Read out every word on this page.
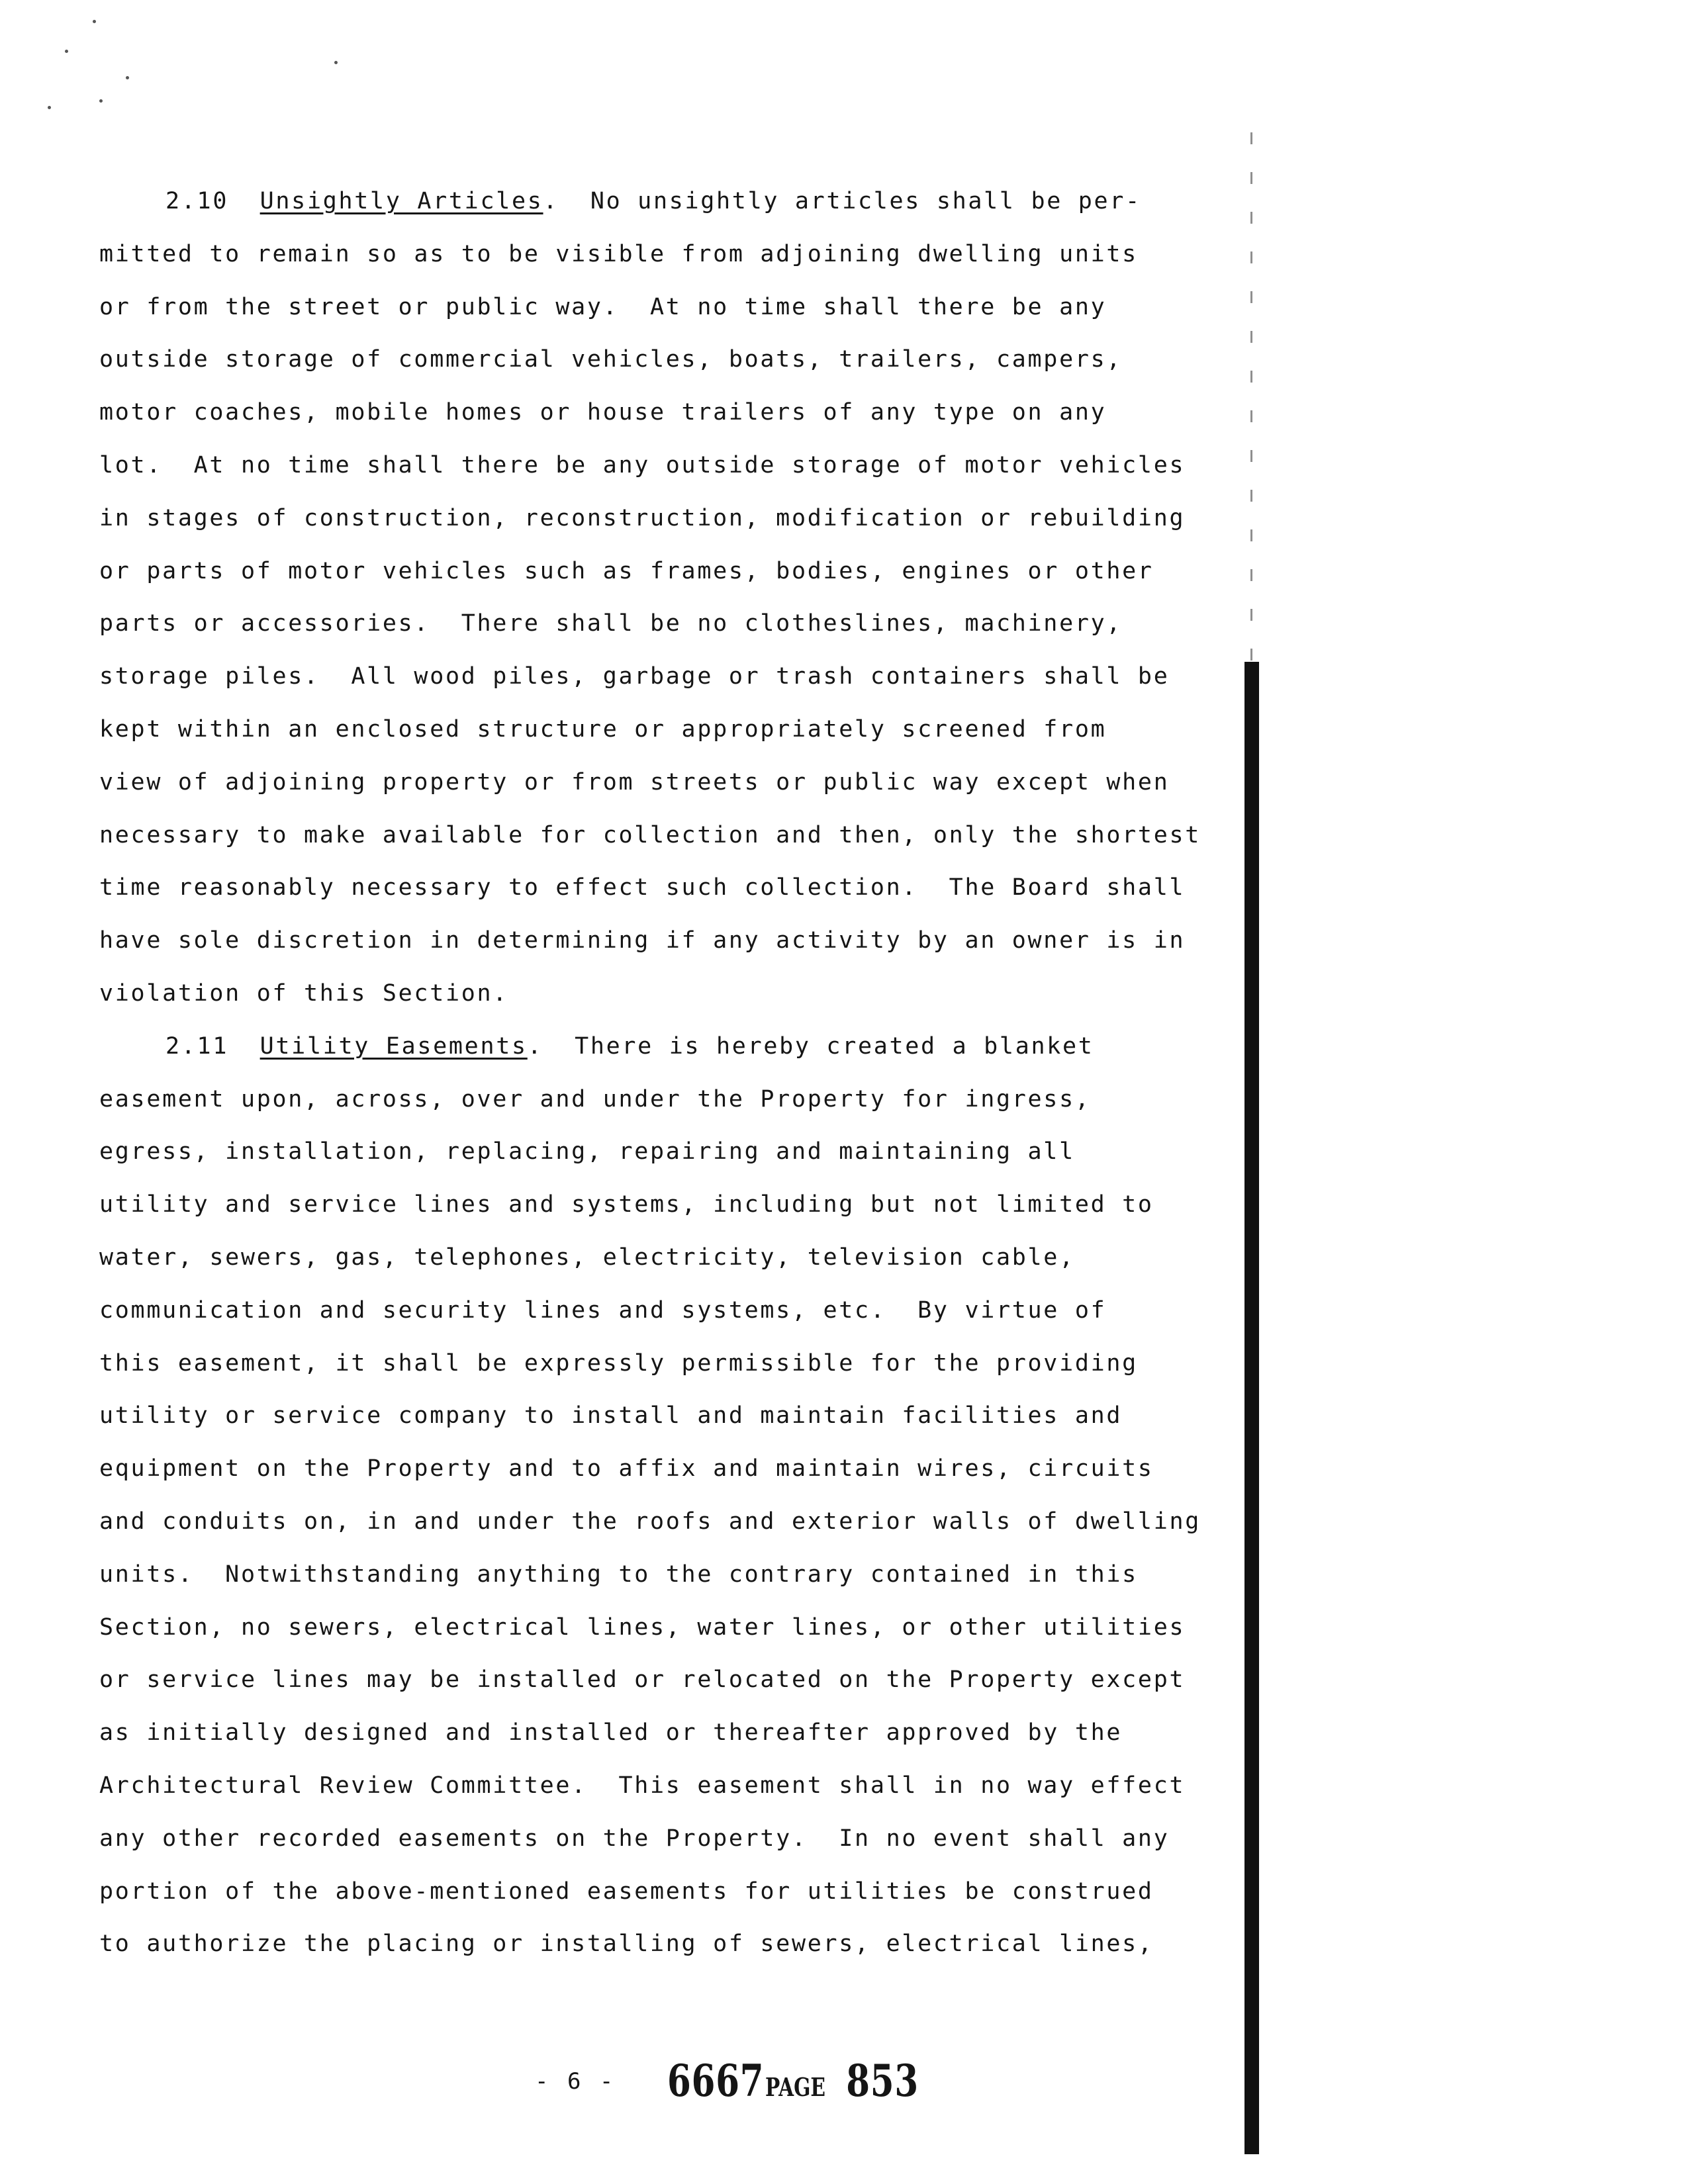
2.10 Unsightly Articles.  No unsightly articles shall be per-
mitted to remain so as to be visible from adjoining dwelling units
or from the street or public way.  At no time shall there be any
outside storage of commercial vehicles, boats, trailers, campers,
motor coaches, mobile homes or house trailers of any type on any
lot.  At no time shall there be any outside storage of motor vehicles
in stages of construction, reconstruction, modification or rebuilding
or parts of motor vehicles such as frames, bodies, engines or other
parts or accessories.  There shall be no clotheslines, machinery,
storage piles.  All wood piles, garbage or trash containers shall be
kept within an enclosed structure or appropriately screened from
view of adjoining property or from streets or public way except when
necessary to make available for collection and then, only the shortest
time reasonably necessary to effect such collection.  The Board shall
have sole discretion in determining if any activity by an owner is in
violation of this Section.
2.11 Utility Easements.  There is hereby created a blanket
easement upon, across, over and under the Property for ingress,
egress, installation, replacing, repairing and maintaining all
utility and service lines and systems, including but not limited to
water, sewers, gas, telephones, electricity, television cable,
communication and security lines and systems, etc.  By virtue of
this easement, it shall be expressly permissible for the providing
utility or service company to install and maintain facilities and
equipment on the Property and to affix and maintain wires, circuits
and conduits on, in and under the roofs and exterior walls of dwelling
units.  Notwithstanding anything to the contrary contained in this
Section, no sewers, electrical lines, water lines, or other utilities
or service lines may be installed or relocated on the Property except
as initially designed and installed or thereafter approved by the
Architectural Review Committee.  This easement shall in no way effect
any other recorded easements on the Property.  In no event shall any
portion of the above-mentioned easements for utilities be construed
to authorize the placing or installing of sewers, electrical lines,
- 6 - 6667PAGE 853
